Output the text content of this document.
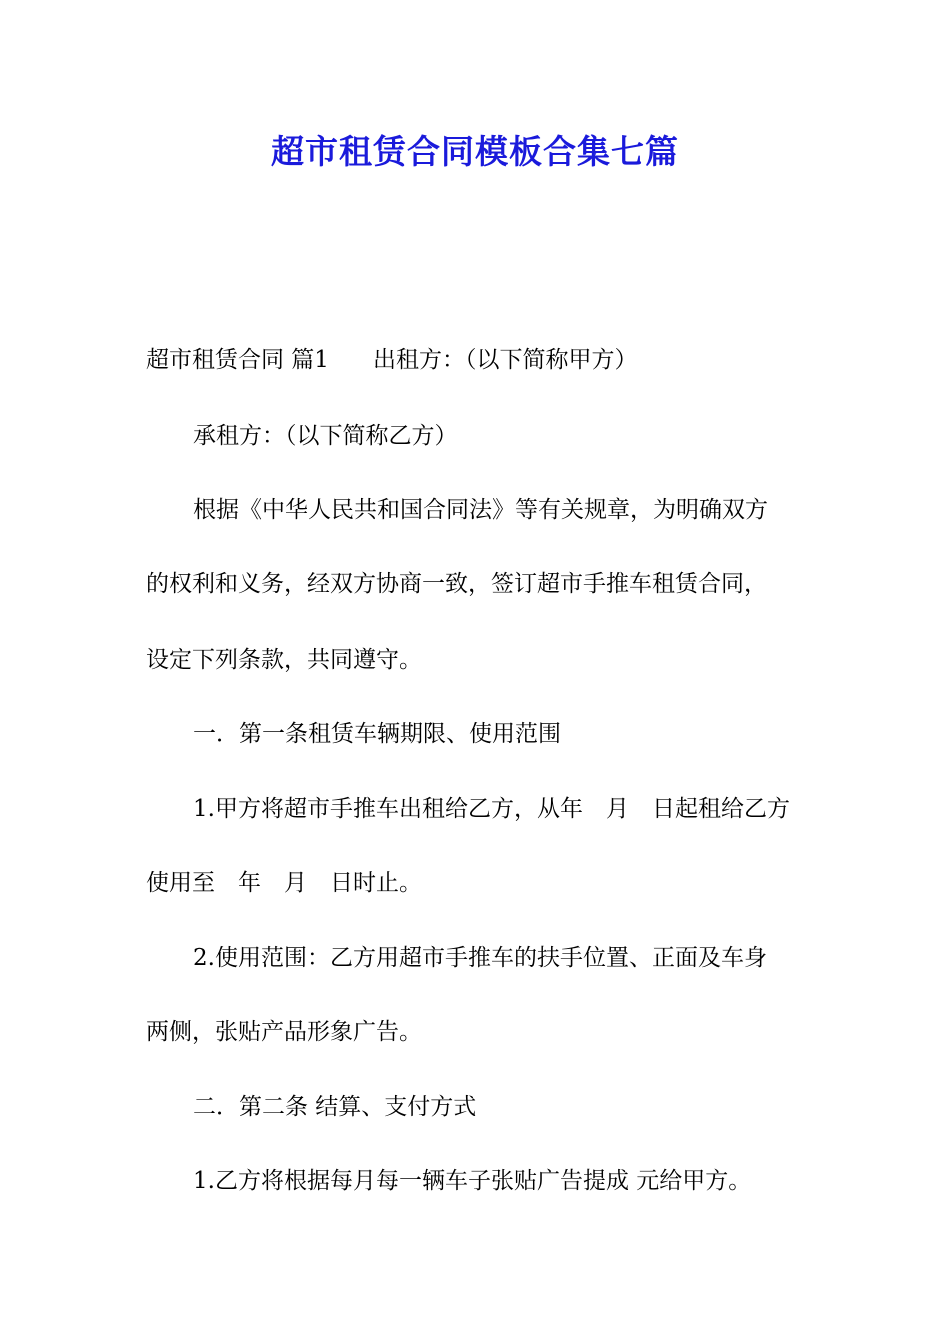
超市租赁合同模板合集七篇
超市租赁合同 篇1 出租方：（以下简称甲方）
承租方：（以下简称乙方）
根据《中华人民共和国合同法》等有关规章，为明确双方
的权利和义务，经双方协商一致，签订超市手推车租赁合同，
设定下列条款，共同遵守。
一．第一条租赁车辆期限、使用范围
1.甲方将超市手推车出租给乙方，从年　月　日起租给乙方
使用至　年　月　日时止。
2.使用范围：乙方用超市手推车的扶手位置、正面及车身
两侧，张贴产品形象广告。
二．第二条 结算、支付方式
1.乙方将根据每月每一辆车子张贴广告提成 元给甲方。
